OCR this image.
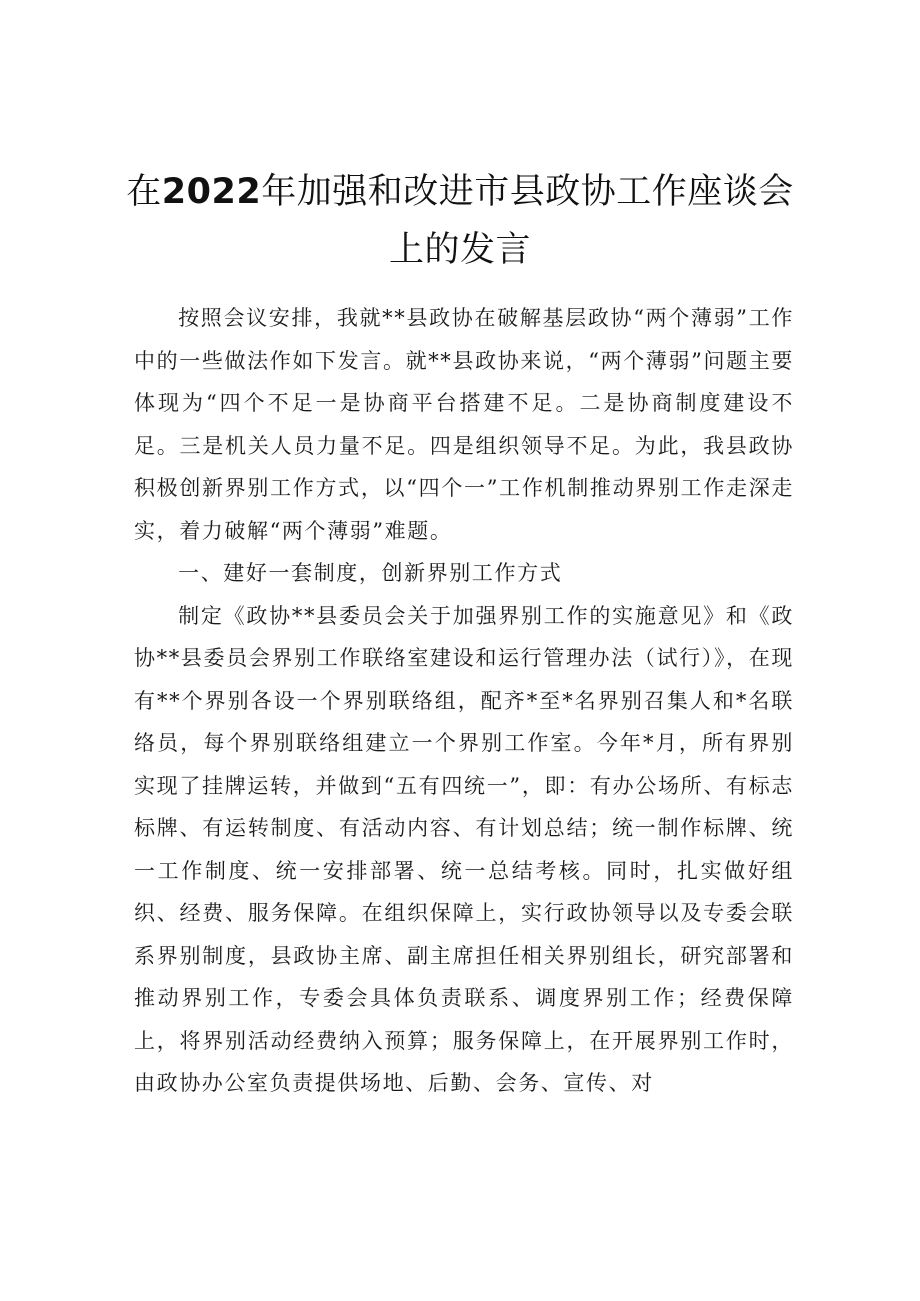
在2022年加强和改进市县政协工作座谈会
上的发言

按照会议安排，我就**县政协在破解基层政协“两个薄弱”工作中的一些做法作如下发言。就**县政协来说，“两个薄弱”问题主要体现为“四个不足一是协商平台搭建不足。二是协商制度建设不足。三是机关人员力量不足。四是组织领导不足。为此，我县政协积极创新界别工作方式，以“四个一”工作机制推动界别工作走深走实，着力破解“两个薄弱”难题。

一、建好一套制度，创新界别工作方式

制定《政协**县委员会关于加强界别工作的实施意见》和《政协**县委员会界别工作联络室建设和运行管理办法（试行）》，在现有**个界别各设一个界别联络组，配齐*至*名界别召集人和*名联络员，每个界别联络组建立一个界别工作室。今年*月，所有界别实现了挂牌运转，并做到“五有四统一”，即：有办公场所、有标志标牌、有运转制度、有活动内容、有计划总结；统一制作标牌、统一工作制度、统一安排部署、统一总结考核。同时，扎实做好组织、经费、服务保障。在组织保障上，实行政协领导以及专委会联系界别制度，县政协主席、副主席担任相关界别组长，研究部署和推动界别工作，专委会具体负责联系、调度界别工作；经费保障上，将界别活动经费纳入预算；服务保障上，在开展界别工作时，由政协办公室负责提供场地、后勤、会务、宣传、对
